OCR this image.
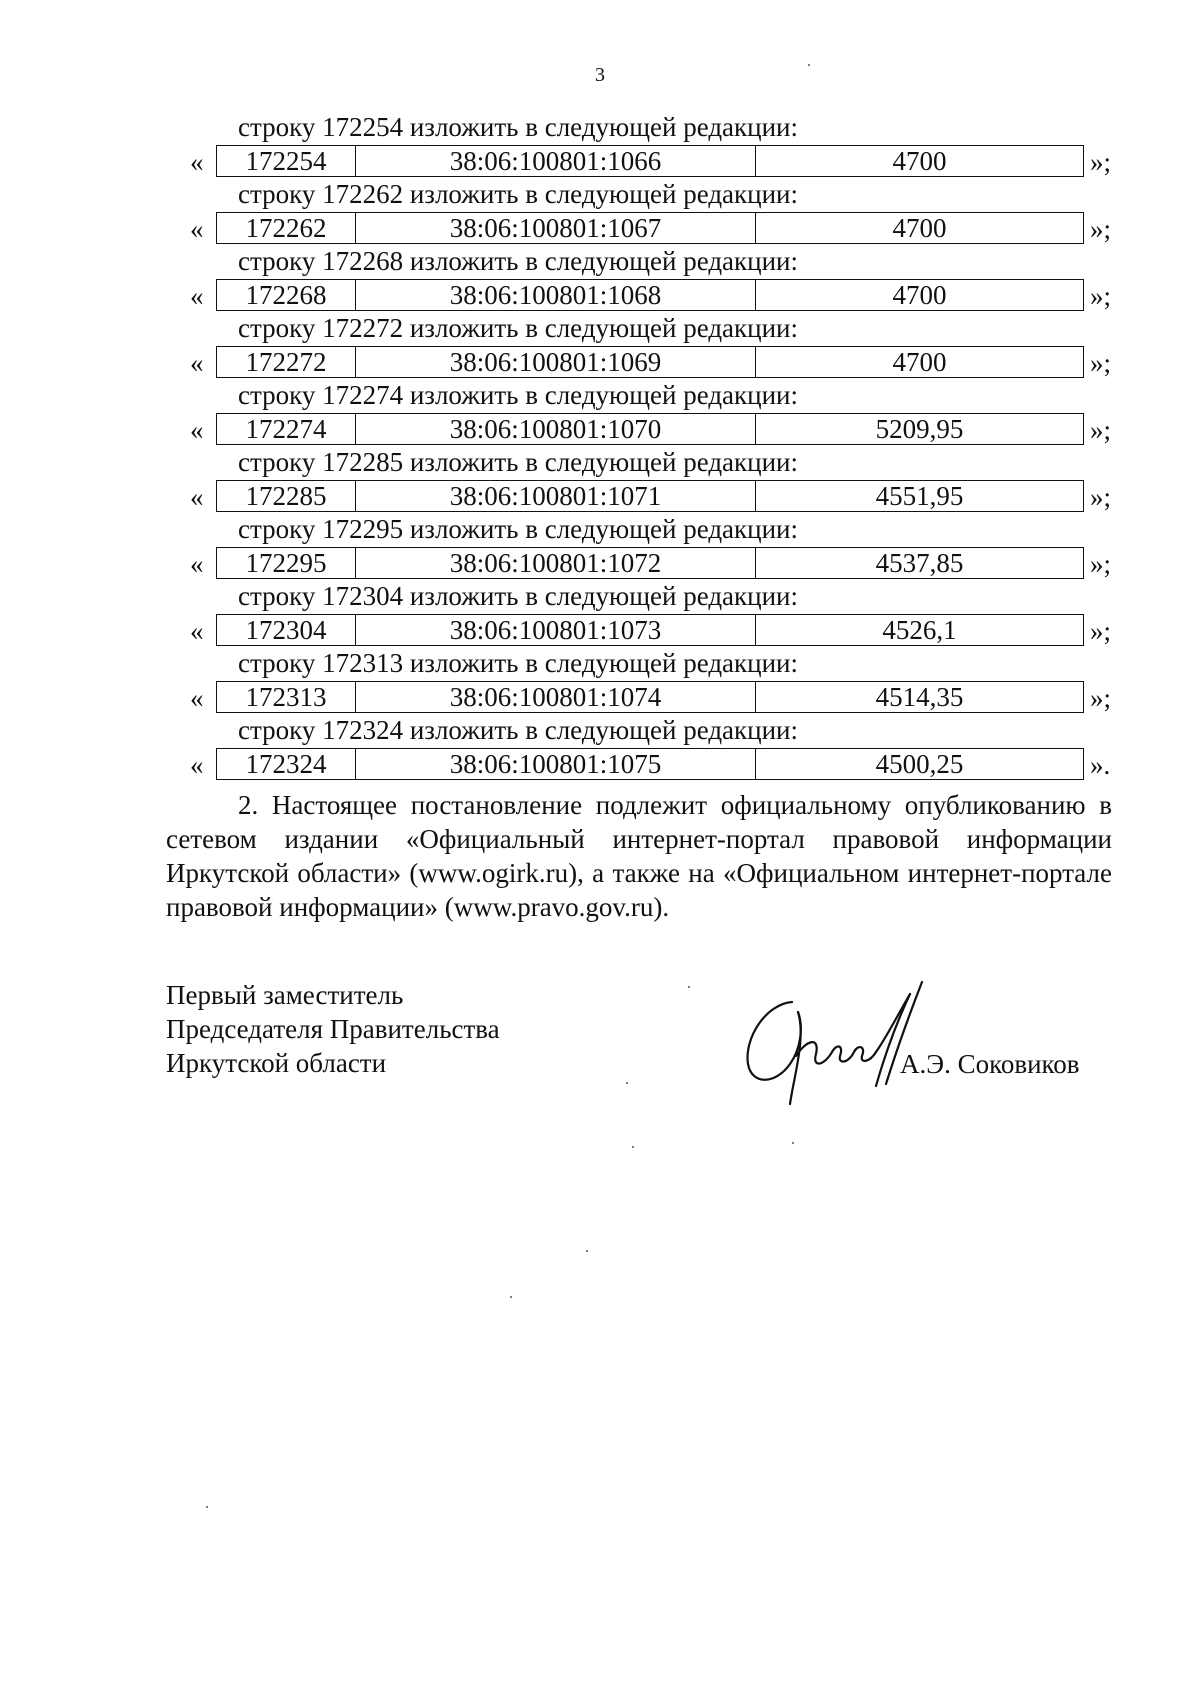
3
строку 172254 изложить в следующей редакции:
«	172254	38:06:100801:1066	4700	»;
строку 172262 изложить в следующей редакции:
«	172262	38:06:100801:1067	4700	»;
строку 172268 изложить в следующей редакции:
«	172268	38:06:100801:1068	4700	»;
строку 172272 изложить в следующей редакции:
«	172272	38:06:100801:1069	4700	»;
строку 172274 изложить в следующей редакции:
«	172274	38:06:100801:1070	5209,95	»;
строку 172285 изложить в следующей редакции:
«	172285	38:06:100801:1071	4551,95	»;
строку 172295 изложить в следующей редакции:
«	172295	38:06:100801:1072	4537,85	»;
строку 172304 изложить в следующей редакции:
«	172304	38:06:100801:1073	4526,1	»;
строку 172313 изложить в следующей редакции:
«	172313	38:06:100801:1074	4514,35	»;
строку 172324 изложить в следующей редакции:
«	172324	38:06:100801:1075	4500,25	».
2. Настоящее постановление подлежит официальному опубликованию в сетевом издании «Официальный интернет-портал правовой информации Иркутской области» (www.ogirk.ru), а также на «Официальном интернет-портале правовой информации» (www.pravo.gov.ru).
Первый заместитель
Председателя Правительства
Иркутской области	А.Э. Соковиков
